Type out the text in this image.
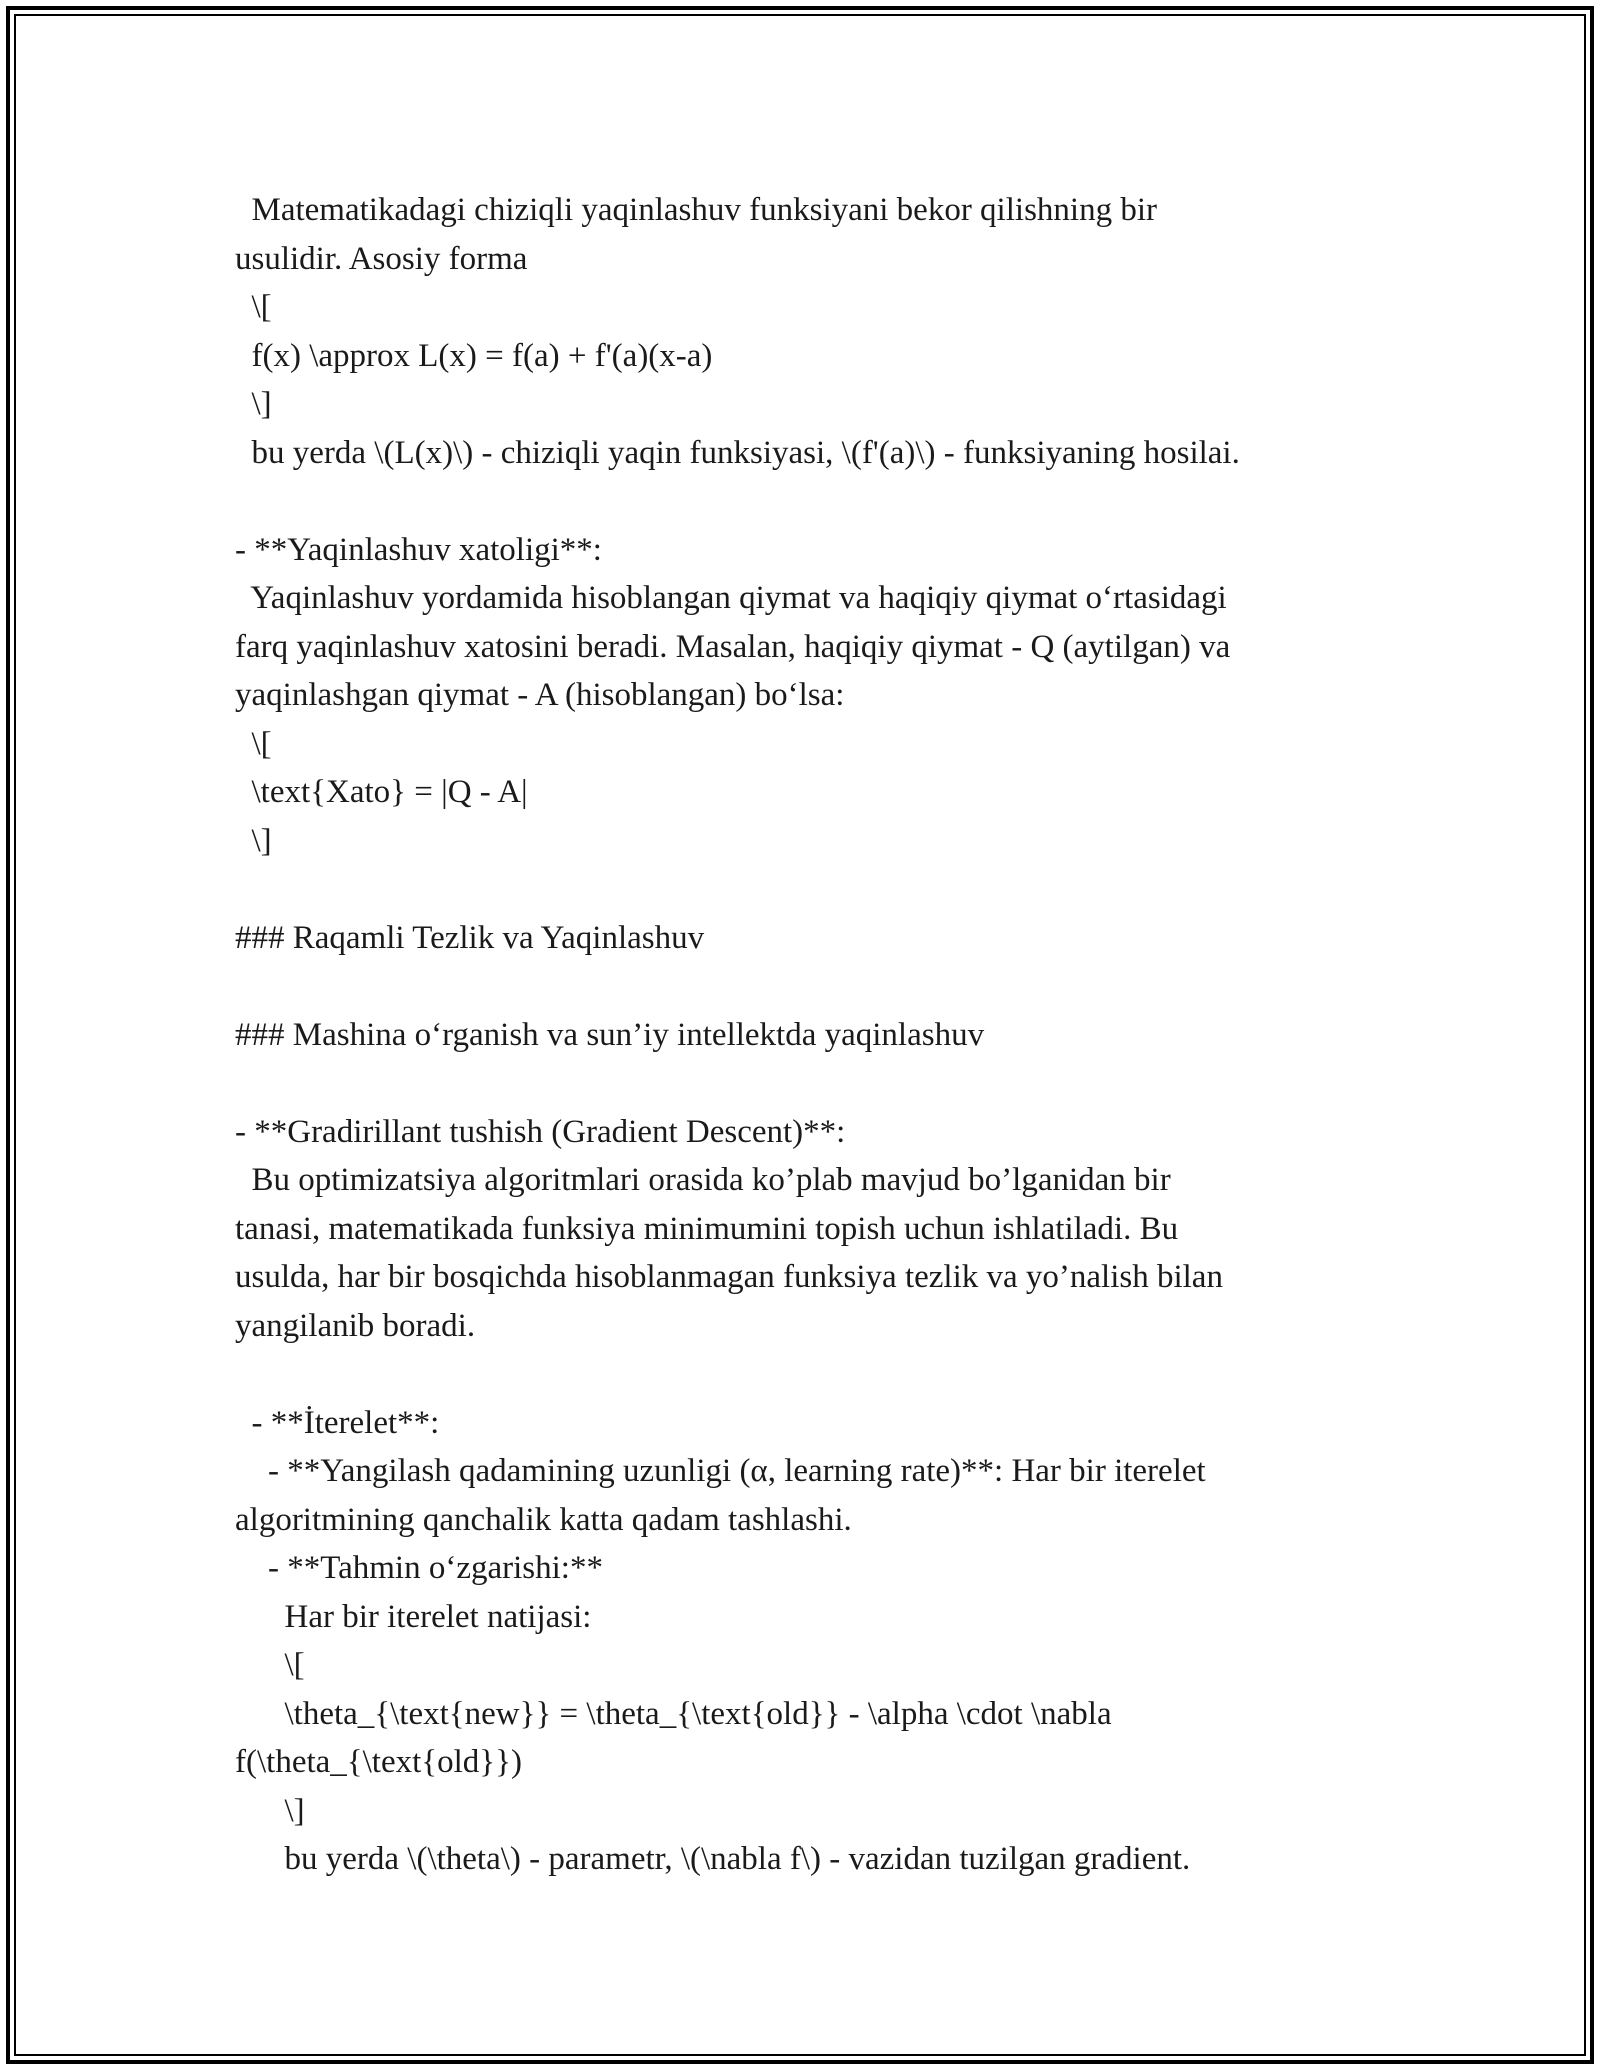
Matematikadagi chiziqli yaqinlashuv funksiyani bekor qilishning bir
usulidir. Asosiy forma
\[
f(x) \approx L(x) = f(a) + f'(a)(x-a)
\]
bu yerda \(L(x)\) - chiziqli yaqin funksiyasi, \(f'(a)\) - funksiyaning hosilai.
- **Yaqinlashuv xatoligi**:
Yaqinlashuv yordamida hisoblangan qiymat va haqiqiy qiymat o‘rtasidagi
farq yaqinlashuv xatosini beradi. Masalan, haqiqiy qiymat - Q (aytilgan) va
yaqinlashgan qiymat - A (hisoblangan) bo‘lsa:
\[
\text{Xato} = |Q - A|
\]
### Raqamli Tezlik va Yaqinlashuv
### Mashina o‘rganish va sun’iy intellektda yaqinlashuv
- **Gradirillant tushish (Gradient Descent)**:
Bu optimizatsiya algoritmlari orasida ko’plab mavjud bo’lganidan bir
tanasi, matematikada funksiya minimumini topish uchun ishlatiladi. Bu
usulda, har bir bosqichda hisoblanmagan funksiya tezlik va yo’nalish bilan
yangilanib boradi.
- **İterelet**:
- **Yangilash qadamining uzunligi (α, learning rate)**: Har bir iterelet
algoritmining qanchalik katta qadam tashlashi.
- **Tahmin o‘zgarishi:**
Har bir iterelet natijasi:
\[
\theta_{\text{new}} = \theta_{\text{old}} - \alpha \cdot \nabla
f(\theta_{\text{old}})
\]
bu yerda \(\theta\) - parametr, \(\nabla f\) - vazidan tuzilgan gradient.
